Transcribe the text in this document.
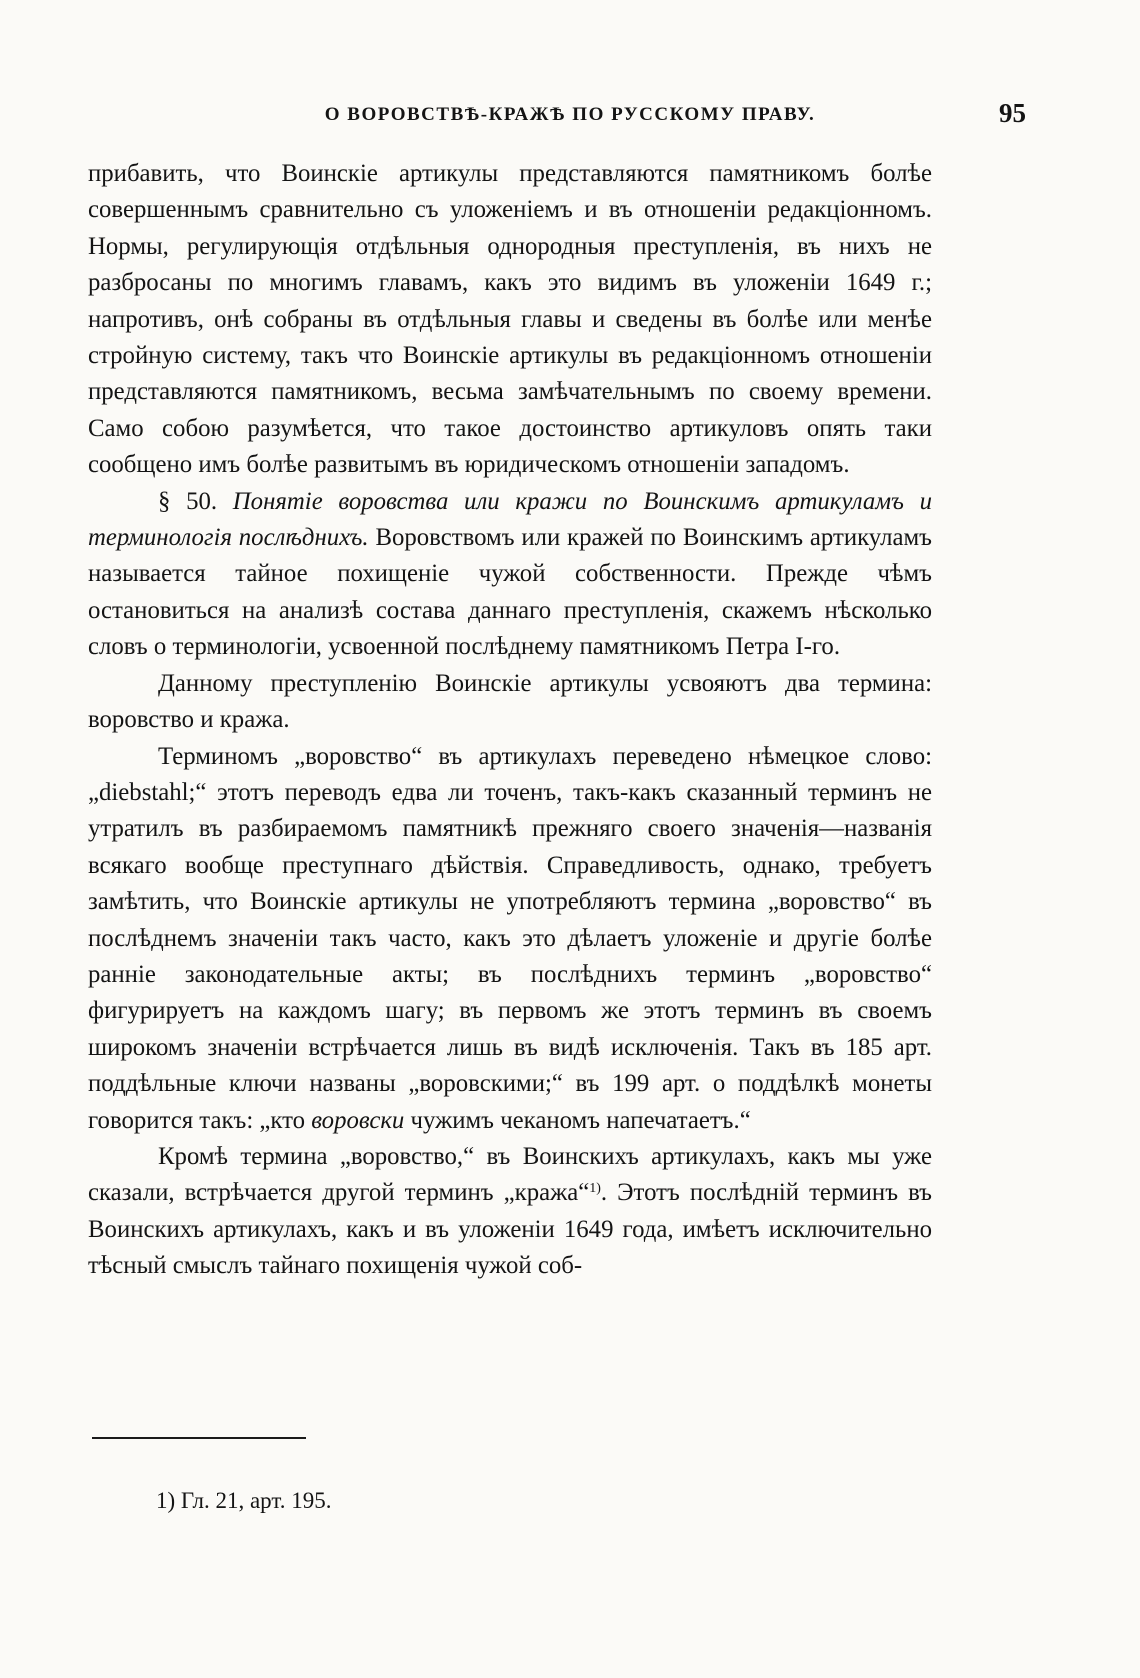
О ВОРОВСТВѢ-КРАЖѢ ПО РУССКОМУ ПРАВУ.	95

прибавить, что Воинскіе артикулы представляются памятникомъ болѣе совершеннымъ сравнительно съ уложеніемъ и въ отношеніи редакціонномъ. Нормы, регулирующія отдѣльныя однородныя преступленія, въ нихъ не разбросаны по многимъ главамъ, какъ это видимъ въ уложеніи 1649 г.; напротивъ, онѣ собраны въ отдѣльныя главы и сведены въ болѣе или менѣе стройную систему, такъ что Воинскіе артикулы въ редакціонномъ отношеніи представляются памятникомъ, весьма замѣчательнымъ по своему времени. Само собою разумѣется, что такое достоинство артикуловъ опять таки сообщено имъ болѣе развитымъ въ юридическомъ отношеніи западомъ.

§ 50. Понятіе воровства или кражи по Воинскимъ артикуламъ и терминологія послѣднихъ. Воровствомъ или кражей по Воинскимъ артикуламъ называется тайное похищеніе чужой собственности. Прежде чѣмъ остановиться на анализѣ состава даннаго преступленія, скажемъ нѣсколько словъ о терминологіи, усвоенной послѣднему памятникомъ Петра I-го.

Данному преступленію Воинскіе артикулы усвояютъ два термина: воровство и кража.

Терминомъ „воровство“ въ артикулахъ переведено нѣмецкое слово: „diebstahl;“ этотъ переводъ едва ли точенъ, такъ-какъ сказанный терминъ не утратилъ въ разбираемомъ памятникѣ прежняго своего значенія—названія всякаго вообще преступнаго дѣйствія. Справедливость, однако, требуетъ замѣтить, что Воинскіе артикулы не употребляютъ термина „воровство“ въ послѣднемъ значеніи такъ часто, какъ это дѣлаетъ уложеніе и другіе болѣе ранніе законодательные акты; въ послѣднихъ терминъ „воровство“ фигурируетъ на каждомъ шагу; въ первомъ же этотъ терминъ въ своемъ широкомъ значеніи встрѣчается лишь въ видѣ исключенія. Такъ въ 185 арт. поддѣльные ключи названы „воровскими;“ въ 199 арт. о поддѣлкѣ монеты говорится такъ: „кто воровски чужимъ чеканомъ напечатаетъ.“

Кромѣ термина „воровство,“ въ Воинскихъ артикулахъ, какъ мы уже сказали, встрѣчается другой терминъ „кража“$^{1)}$. Этотъ послѣдній терминъ въ Воинскихъ артикулахъ, какъ и въ уложеніи 1649 года, имѣетъ исключительно тѣсный смыслъ тайнаго похищенія чужой соб-

1) Гл. 21, арт. 195.
